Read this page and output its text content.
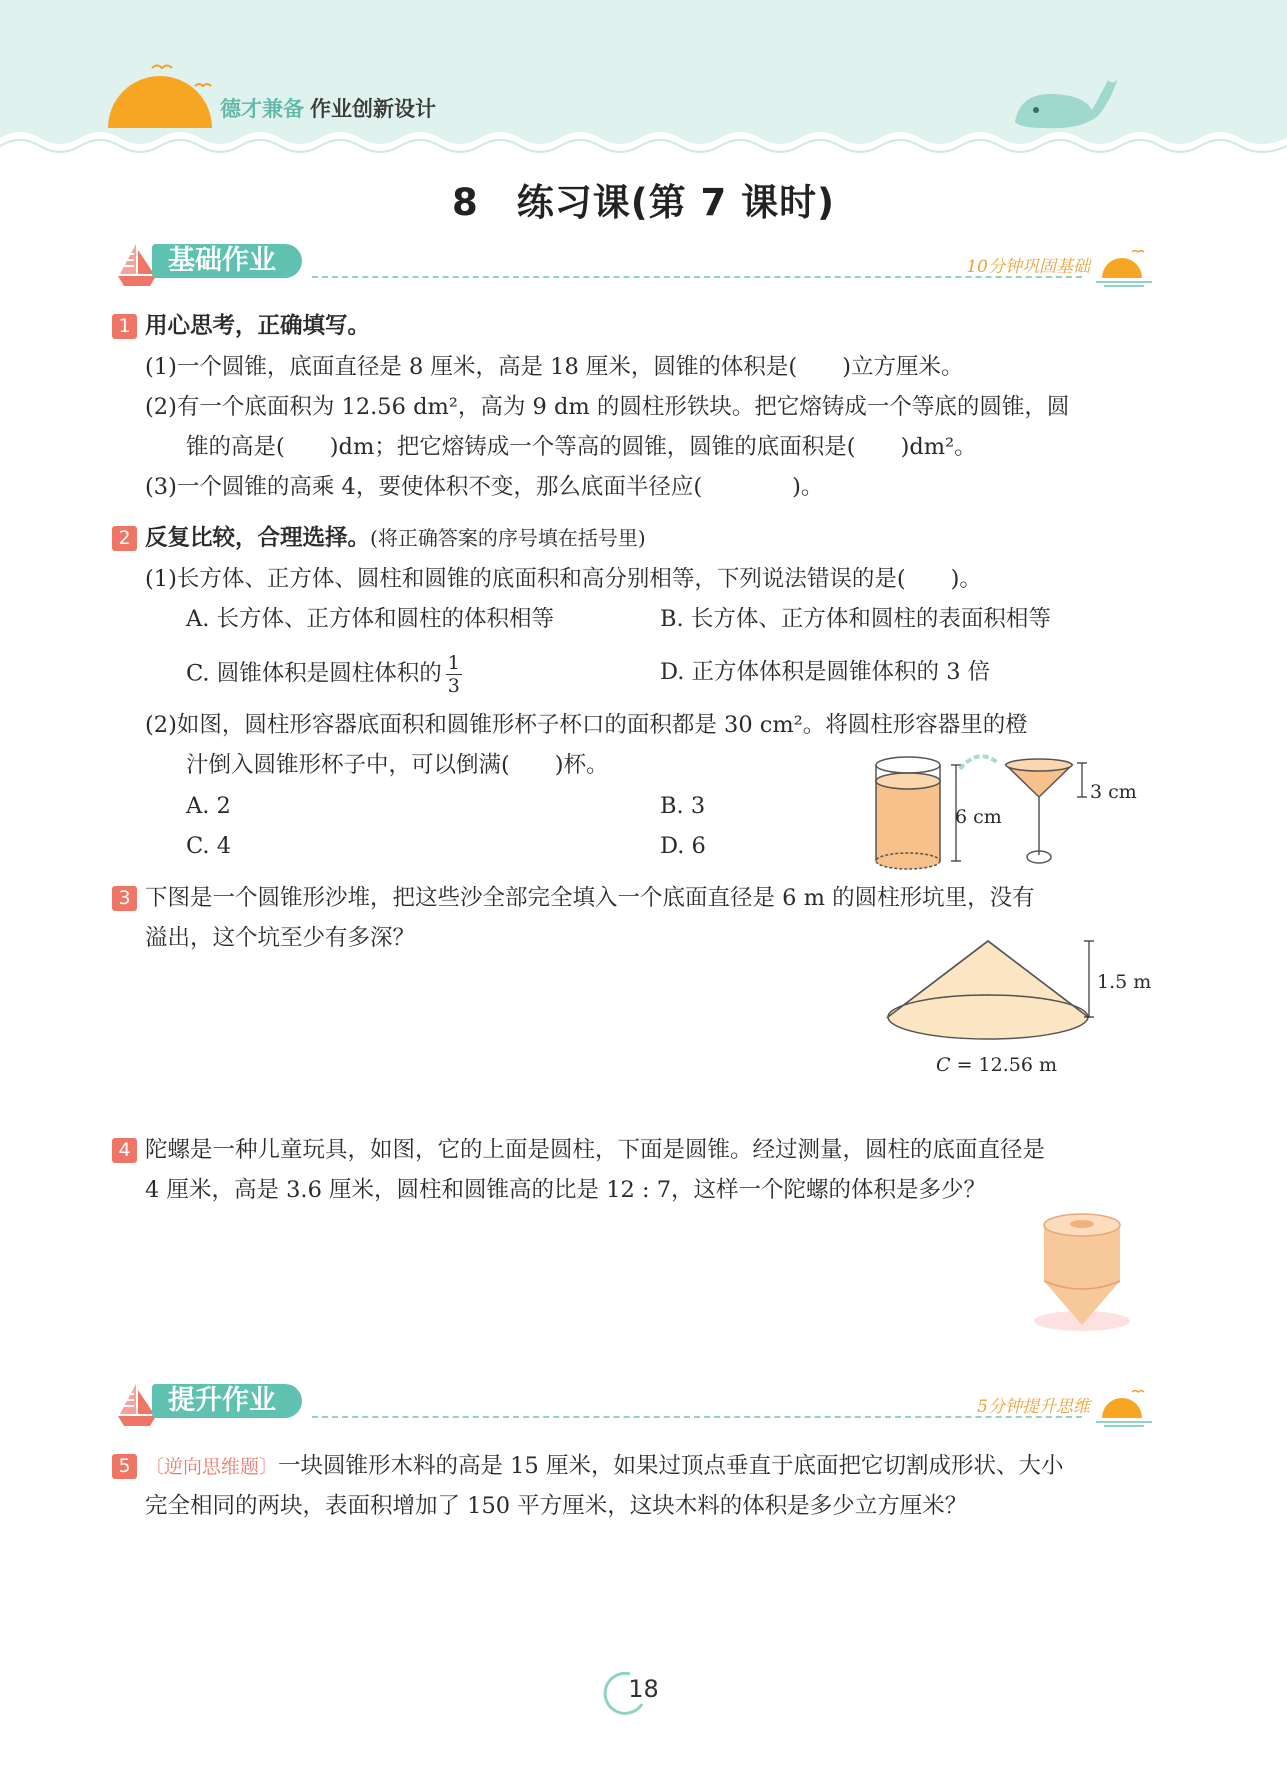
德才兼备 作业创新设计
8　练习课(第 7 课时)
基础作业	10分钟巩固基础
1 用心思考，正确填写。
(1)一个圆锥，底面直径是 8 厘米，高是 18 厘米，圆锥的体积是(　　)立方厘米。
(2)有一个底面积为 12.56 dm²，高为 9 dm 的圆柱形铁块。把它熔铸成一个等底的圆锥，圆
锥的高是(　　)dm；把它熔铸成一个等高的圆锥，圆锥的底面积是(　　)dm²。
(3)一个圆锥的高乘 4，要使体积不变，那么底面半径应(　　　　)。
2 反复比较，合理选择。(将正确答案的序号填在括号里)
(1)长方体、正方体、圆柱和圆锥的底面积和高分别相等，下列说法错误的是(　　)。
A. 长方体、正方体和圆柱的体积相等	B. 长方体、正方体和圆柱的表面积相等
C. 圆锥体积是圆柱体积的 $\frac{1}{3}$	D. 正方体体积是圆锥体积的 3 倍
(2)如图，圆柱形容器底面积和圆锥形杯子杯口的面积都是 30 cm²。将圆柱形容器里的橙
汁倒入圆锥形杯子中，可以倒满(　　)杯。
A. 2	B. 3
C. 4	D. 6
6 cm
3 cm
3 下图是一个圆锥形沙堆，把这些沙全部完全填入一个底面直径是 6 m 的圆柱形坑里，没有
溢出，这个坑至少有多深？
1.5 m
C = 12.56 m
4 陀螺是一种儿童玩具，如图，它的上面是圆柱，下面是圆锥。经过测量，圆柱的底面直径是
4 厘米，高是 3.6 厘米，圆柱和圆锥高的比是 12 : 7，这样一个陀螺的体积是多少？
提升作业	5分钟提升思维
5 〔逆向思维题〕一块圆锥形木料的高是 15 厘米，如果过顶点垂直于底面把它切割成形状、大小
完全相同的两块，表面积增加了 150 平方厘米，这块木料的体积是多少立方厘米？
18
